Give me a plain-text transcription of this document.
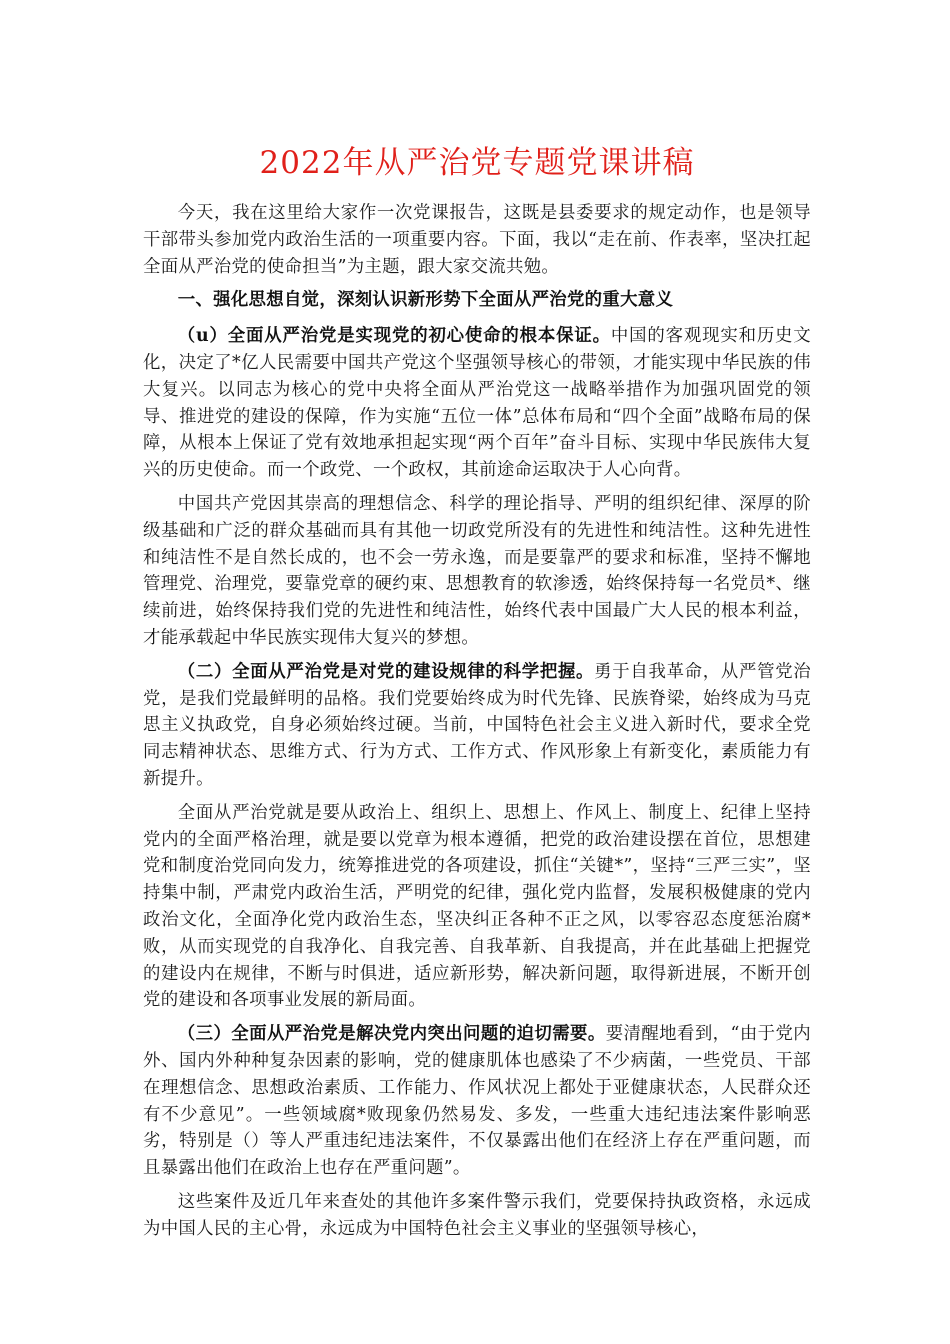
2022年从严治党专题党课讲稿

今天，我在这里给大家作一次党课报告，这既是县委要求的规定动作，也是领导干部带头参加党内政治生活的一项重要内容。下面，我以“走在前、作表率，坚决扛起全面从严治党的使命担当”为主题，跟大家交流共勉。

一、强化思想自觉，深刻认识新形势下全面从严治党的重大意义

（u）全面从严治党是实现党的初心使命的根本保证。中国的客观现实和历史文化，决定了*亿人民需要中国共产党这个坚强领导核心的带领，才能实现中华民族的伟大复兴。以同志为核心的党中央将全面从严治党这一战略举措作为加强巩固党的领导、推进党的建设的保障，作为实施“五位一体”总体布局和“四个全面”战略布局的保障，从根本上保证了党有效地承担起实现“两个百年”奋斗目标、实现中华民族伟大复兴的历史使命。而一个政党、一个政权，其前途命运取决于人心向背。

中国共产党因其崇高的理想信念、科学的理论指导、严明的组织纪律、深厚的阶级基础和广泛的群众基础而具有其他一切政党所没有的先进性和纯洁性。这种先进性和纯洁性不是自然长成的，也不会一劳永逸，而是要靠严的要求和标准，坚持不懈地管理党、治理党，要靠党章的硬约束、思想教育的软渗透，始终保持每一名党员*、继续前进，始终保持我们党的先进性和纯洁性，始终代表中国最广大人民的根本利益，才能承载起中华民族实现伟大复兴的梦想。

（二）全面从严治党是对党的建设规律的科学把握。勇于自我革命，从严管党治党，是我们党最鲜明的品格。我们党要始终成为时代先锋、民族脊梁，始终成为马克思主义执政党，自身必须始终过硬。当前，中国特色社会主义进入新时代，要求全党同志精神状态、思维方式、行为方式、工作方式、作风形象上有新变化，素质能力有新提升。

全面从严治党就是要从政治上、组织上、思想上、作风上、制度上、纪律上坚持党内的全面严格治理，就是要以党章为根本遵循，把党的政治建设摆在首位，思想建党和制度治党同向发力，统筹推进党的各项建设，抓住“关键*”，坚持“三严三实”，坚持集中制，严肃党内政治生活，严明党的纪律，强化党内监督，发展积极健康的党内政治文化，全面净化党内政治生态，坚决纠正各种不正之风，以零容忍态度惩治腐*败，从而实现党的自我净化、自我完善、自我革新、自我提高，并在此基础上把握党的建设内在规律，不断与时俱进，适应新形势，解决新问题，取得新进展，不断开创党的建设和各项事业发展的新局面。

（三）全面从严治党是解决党内突出问题的迫切需要。要清醒地看到，“由于党内外、国内外种种复杂因素的影响，党的健康肌体也感染了不少病菌，一些党员、干部在理想信念、思想政治素质、工作能力、作风状况上都处于亚健康状态，人民群众还有不少意见”。一些领域腐*败现象仍然易发、多发，一些重大违纪违法案件影响恶劣，特别是（）等人严重违纪违法案件，不仅暴露出他们在经济上存在严重问题，而且暴露出他们在政治上也存在严重问题”。

这些案件及近几年来查处的其他许多案件警示我们，党要保持执政资格，永远成为中国人民的主心骨，永远成为中国特色社会主义事业的坚强领导核心，
